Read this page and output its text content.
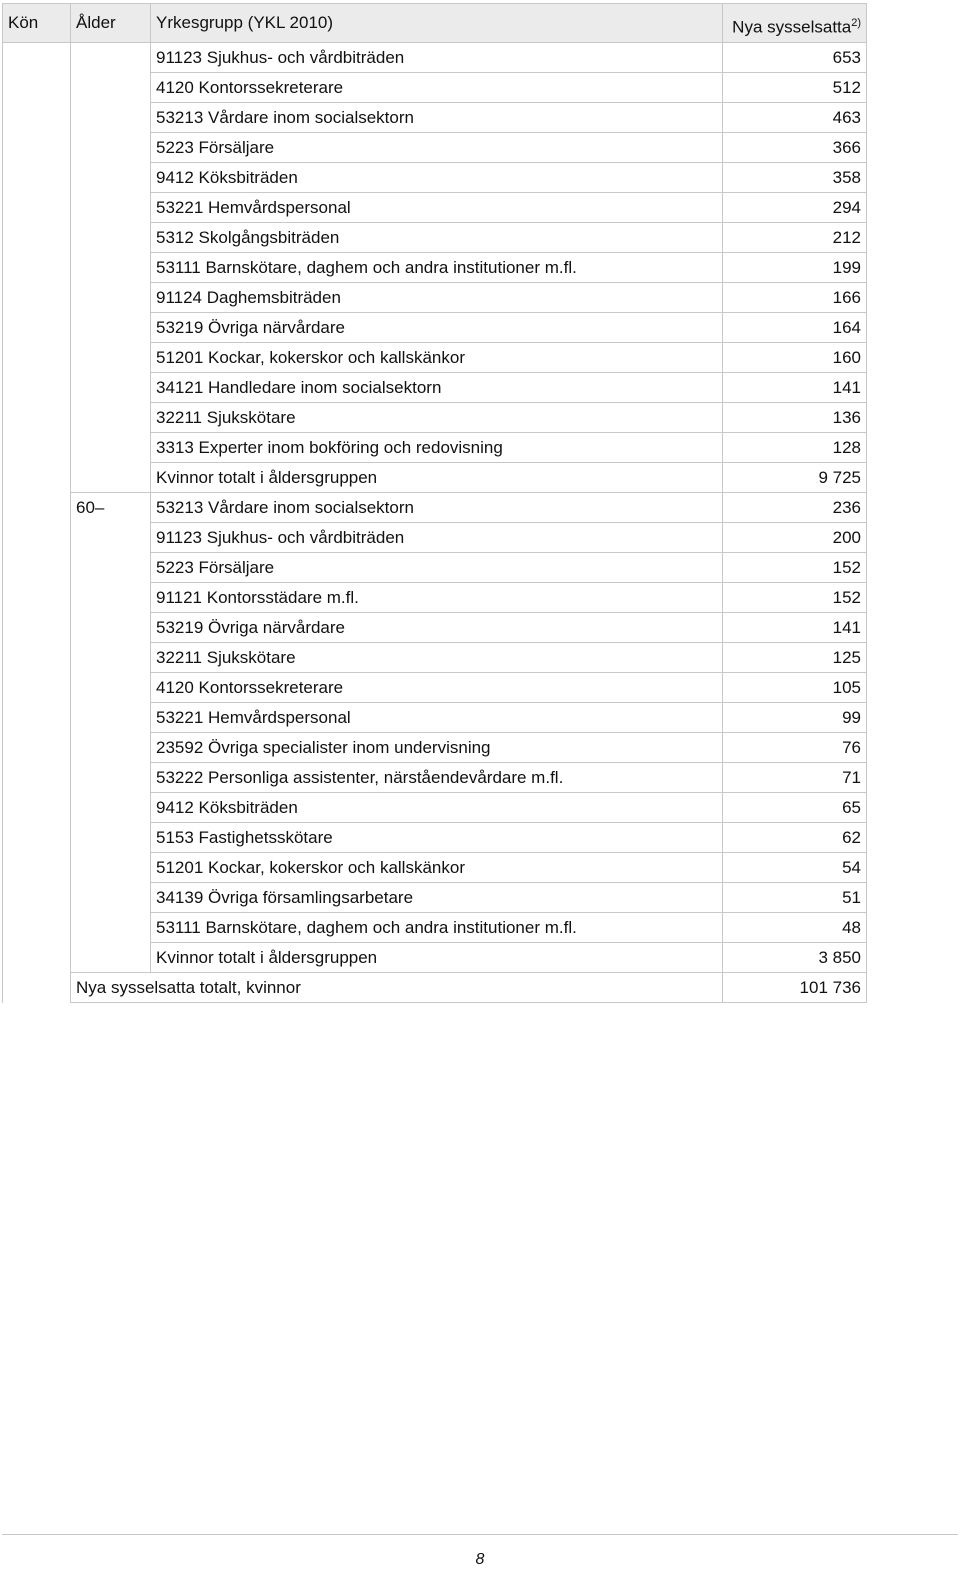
Kön	Ålder	Yrkesgrupp (YKL 2010)	Nya sysselsatta$^{2)}$
		91123 Sjukhus- och vårdbiträden	653
		4120 Kontorssekreterare	512
		53213 Vårdare inom socialsektorn	463
		5223 Försäljare	366
		9412 Köksbiträden	358
		53221 Hemvårdspersonal	294
		5312 Skolgångsbiträden	212
		53111 Barnskötare, daghem och andra institutioner m.fl.	199
		91124 Daghemsbiträden	166
		53219 Övriga närvårdare	164
		51201 Kockar, kokerskor och kallskänkor	160
		34121 Handledare inom socialsektorn	141
		32211 Sjukskötare	136
		3313 Experter inom bokföring och redovisning	128
		Kvinnor totalt i åldersgruppen	9 725
	60–	53213 Vårdare inom socialsektorn	236
		91123 Sjukhus- och vårdbiträden	200
		5223 Försäljare	152
		91121 Kontorsstädare m.fl.	152
		53219 Övriga närvårdare	141
		32211 Sjukskötare	125
		4120 Kontorssekreterare	105
		53221 Hemvårdspersonal	99
		23592 Övriga specialister inom undervisning	76
		53222 Personliga assistenter, närståendevårdare m.fl.	71
		9412 Köksbiträden	65
		5153 Fastighetsskötare	62
		51201 Kockar, kokerskor och kallskänkor	54
		34139 Övriga församlingsarbetare	51
		53111 Barnskötare, daghem och andra institutioner m.fl.	48
		Kvinnor totalt i åldersgruppen	3 850
	Nya sysselsatta totalt, kvinnor		101 736
8
